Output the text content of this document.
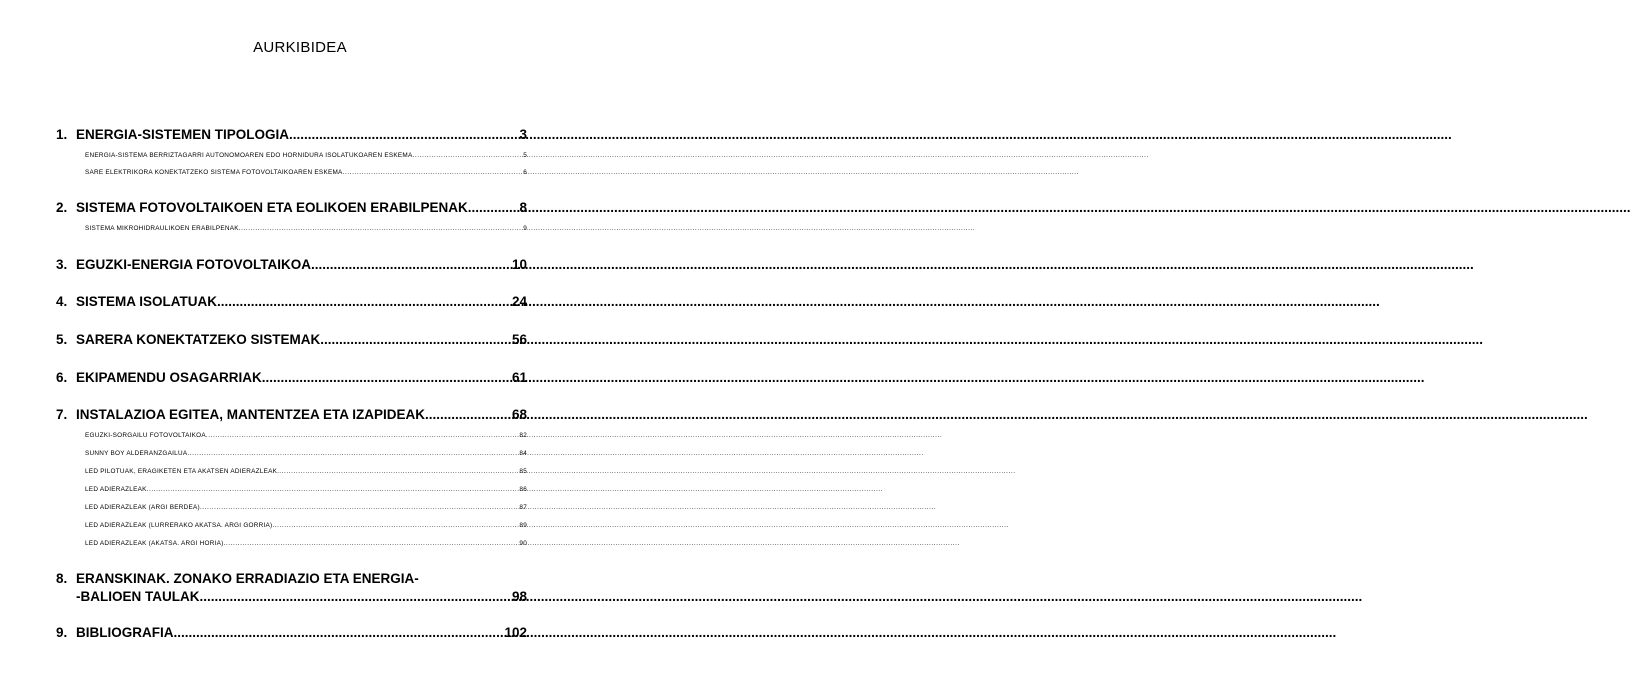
AURKIBIDEA
1. ENERGIA-SISTEMEN TIPOLOGIA .....	3
ENERGIA-SISTEMA BERRIZTAGARRI AUTONOMOAREN EDO HORNIDURA ISOLATUKOAREN ESKEMA .....	5
SARE ELEKTRIKORA KONEKTATZEKO SISTEMA FOTOVOLTAIKOAREN ESKEMA .....	6
2. SISTEMA FOTOVOLTAIKOEN ETA EOLIKOEN ERABILPENAK .....	8
SISTEMA MIKROHIDRAULIKOEN ERABILPENAK .....	9
3. EGUZKI-ENERGIA FOTOVOLTAIKOA .....	10
4. SISTEMA ISOLATUAK .....	24
5. SARERA KONEKTATZEKO SISTEMAK .....	56
6. EKIPAMENDU OSAGARRIAK .....	61
7. INSTALAZIOA EGITEA, MANTENTZEA ETA IZAPIDEAK .....	68
EGUZKI-SORGAILU FOTOVOLTAIKOA .....	82
SUNNY BOY ALDERANZGAILUA .....	84
LED PILOTUAK, ERAGIKETEN ETA AKATSEN ADIERAZLEAK. .....	85
LED ADIERAZLEAK .....	86
LED ADIERAZLEAK (ARGI BERDEA) .....	87
LED ADIERAZLEAK (LURRERAKO AKATSA. ARGI GORRIA) .....	89
LED ADIERAZLEAK (AKATSA. ARGI HORIA) .....	90
8. ERANSKINAK. ZONAKO ERRADIAZIO ETA ENERGIA-
-BALIOEN TAULAK .....	98
9. BIBLIOGRAFIA .....	102
